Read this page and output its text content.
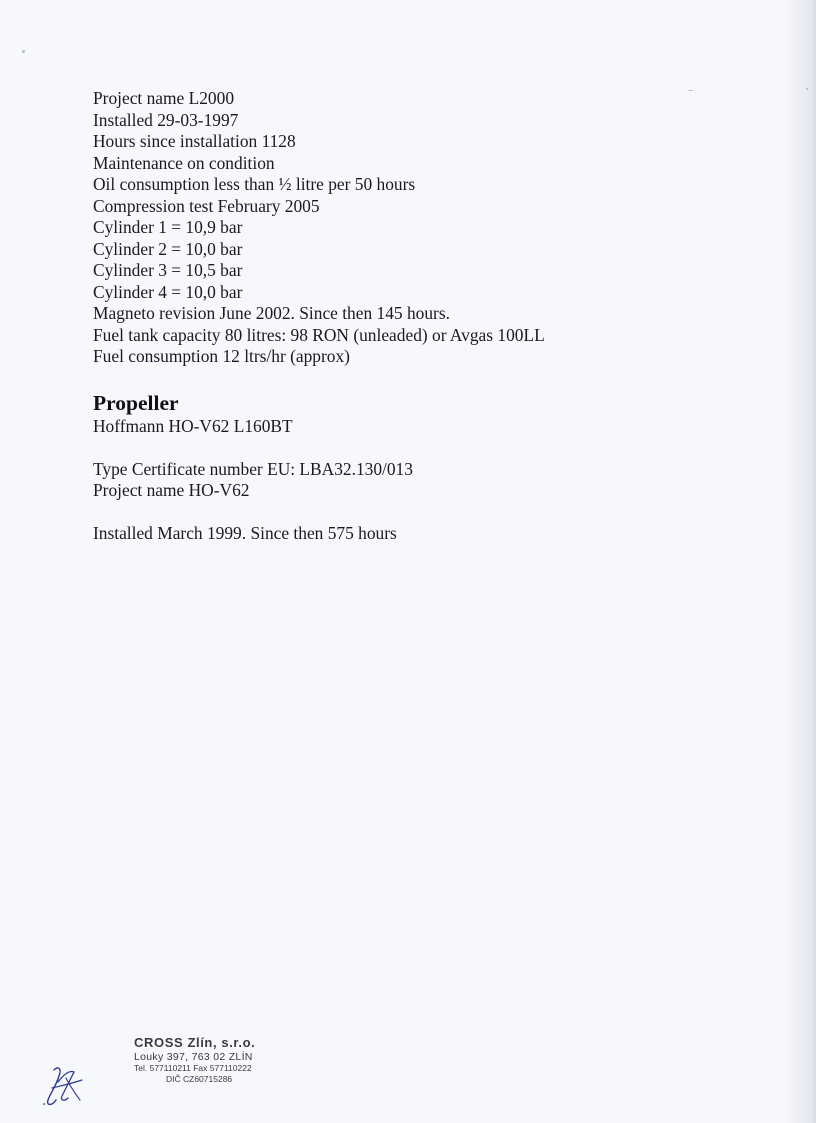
Project name L2000
Installed 29-03-1997
Hours since installation 1128
Maintenance on condition
Oil consumption less than ½ litre per 50 hours
Compression test February 2005
Cylinder 1 = 10,9 bar
Cylinder 2 = 10,0 bar
Cylinder 3 = 10,5 bar
Cylinder 4 = 10,0 bar
Magneto revision June 2002. Since then 145 hours.
Fuel tank capacity 80 litres: 98 RON (unleaded) or Avgas 100LL
Fuel consumption 12 ltrs/hr (approx)
Propeller
Hoffmann HO-V62 L160BT
Type Certificate number EU: LBA32.130/013
Project name HO-V62
Installed March 1999. Since then 575 hours
CROSS Zlín, s.r.o.
Louky 397, 763 02 ZLÍN
Tel. 577110211 Fax 577110222
DIČ CZ60715286
